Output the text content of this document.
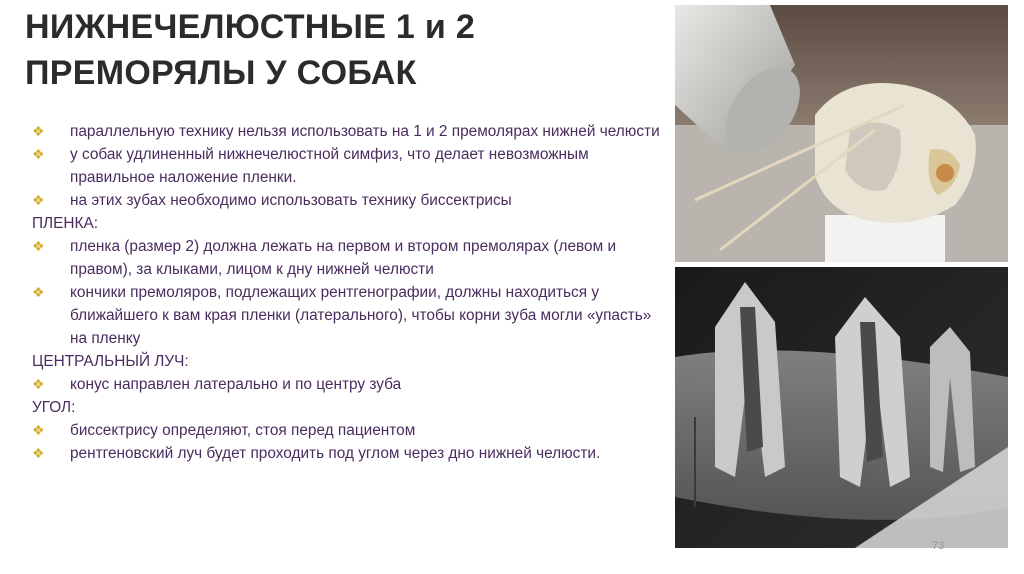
НИЖНЕЧЕЛЮСТНЫЕ 1 и 2
ПРЕМОРЯЛЫ У СОБАК
❖ параллельную технику нельзя использовать на 1 и 2 премолярах нижней челюсти
❖ у собак удлиненный нижнечелюстной симфиз, что делает невозможным правильное наложение пленки.
❖ на этих зубах необходимо использовать технику биссектрисы
ПЛЕНКА:
❖ пленка (размер 2) должна лежать на первом и втором премолярах (левом и правом), за клыками, лицом к дну нижней челюсти
❖ кончики премоляров, подлежащих рентгенографии, должны находиться у ближайшего к вам края пленки (латерального), чтобы корни зуба могли «упасть» на пленку
ЦЕНТРАЛЬНЫЙ ЛУЧ:
❖ конус направлен латерально и по центру зуба
УГОЛ:
❖ биссектрису определяют, стоя перед пациентом
❖ рентгеновский луч будет проходить под углом через дно нижней челюсти.
73
